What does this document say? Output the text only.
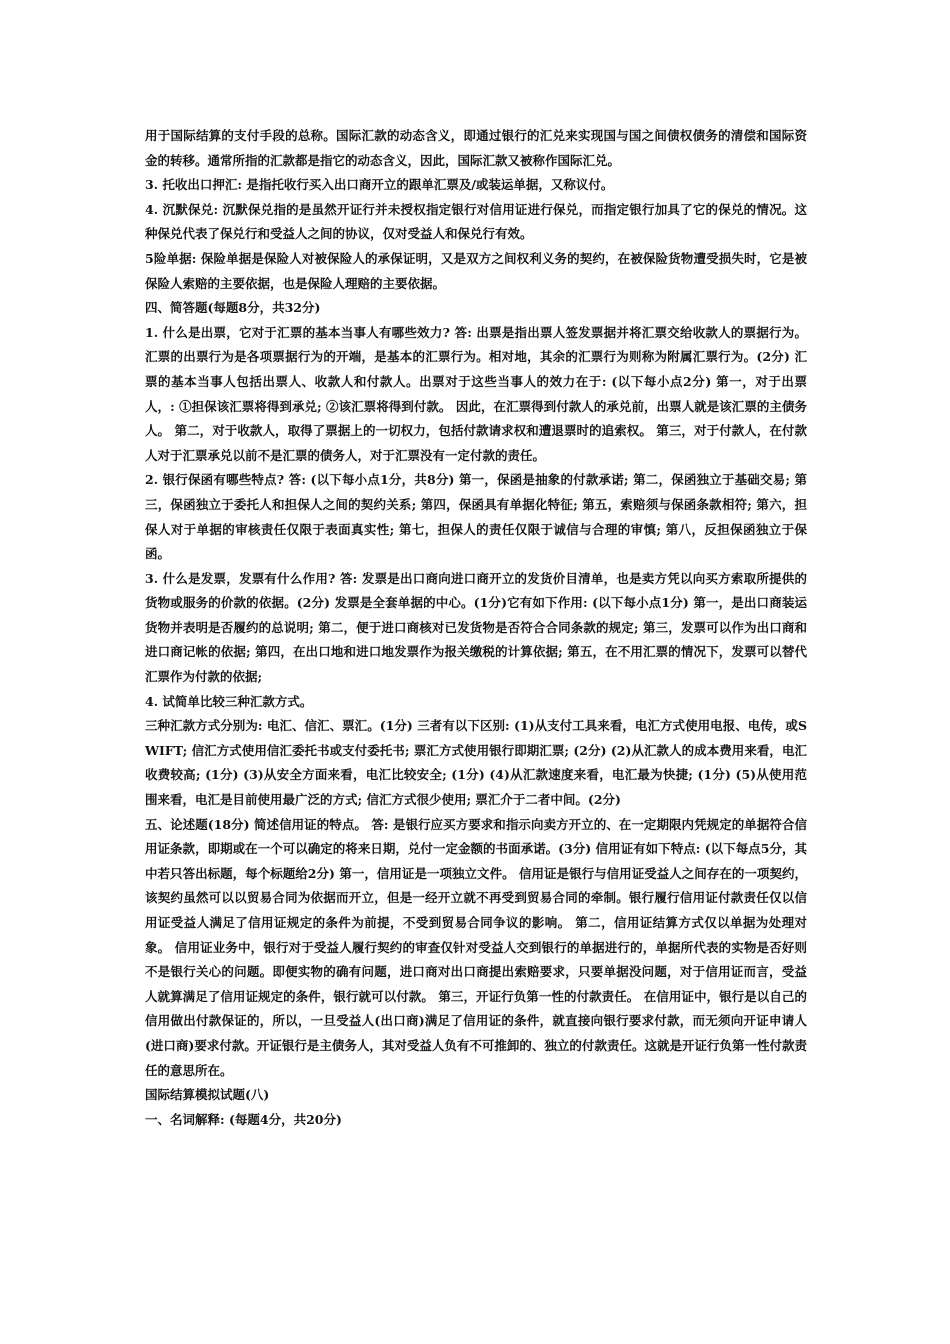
用于国际结算的支付手段的总称。国际汇款的动态含义，即通过银行的汇兑来实现国与国之间债权债务的清偿和国际资金的转移。通常所指的汇款都是指它的动态含义，因此，国际汇款又被称作国际汇兑。

3. 托收出口押汇: 是指托收行买入出口商开立的跟单汇票及/或装运单据，又称议付。

4. 沉默保兑: 沉默保兑指的是虽然开证行并未授权指定银行对信用证进行保兑，而指定银行加具了它的保兑的情况。这种保兑代表了保兑行和受益人之间的协议，仅对受益人和保兑行有效。

5险单据: 保险单据是保险人对被保险人的承保证明，又是双方之间权利义务的契约，在被保险货物遭受损失时，它是被保险人索赔的主要依据，也是保险人理赔的主要依据。

四、简答题(每题8分，共32分)

1. 什么是出票，它对于汇票的基本当事人有哪些效力? 答: 出票是指出票人签发票据并将汇票交给收款人的票据行为。汇票的出票行为是各项票据行为的开端，是基本的汇票行为。相对地，其余的汇票行为则称为附属汇票行为。(2分) 汇票的基本当事人包括出票人、收款人和付款人。出票对于这些当事人的效力在于: (以下每小点2分) 第一，对于出票人，: ①担保该汇票将得到承兑; ②该汇票将得到付款。 因此，在汇票得到付款人的承兑前，出票人就是该汇票的主债务人。 第二，对于收款人，取得了票据上的一切权力，包括付款请求权和遭退票时的追索权。 第三，对于付款人，在付款人对于汇票承兑以前不是汇票的债务人，对于汇票没有一定付款的责任。

2. 银行保函有哪些特点? 答: (以下每小点1分，共8分) 第一，保函是抽象的付款承诺; 第二，保函独立于基础交易; 第三，保函独立于委托人和担保人之间的契约关系; 第四，保函具有单据化特征; 第五，索赔须与保函条款相符; 第六，担保人对于单据的审核责任仅限于表面真实性; 第七，担保人的责任仅限于诚信与合理的审慎; 第八，反担保函独立于保函。

3. 什么是发票，发票有什么作用? 答: 发票是出口商向进口商开立的发货价目清单，也是卖方凭以向买方索取所提供的货物或服务的价款的依据。(2分) 发票是全套单据的中心。(1分)它有如下作用: (以下每小点1分) 第一，是出口商装运货物并表明是否履约的总说明; 第二，便于进口商核对已发货物是否符合合同条款的规定; 第三，发票可以作为出口商和进口商记帐的依据; 第四，在出口地和进口地发票作为报关缴税的计算依据; 第五，在不用汇票的情况下，发票可以替代汇票作为付款的依据;

4. 试简单比较三种汇款方式。

三种汇款方式分别为: 电汇、信汇、票汇。(1分) 三者有以下区别: (1)从支付工具来看，电汇方式使用电报、电传，或SWIFT; 信汇方式使用信汇委托书或支付委托书; 票汇方式使用银行即期汇票; (2分) (2)从汇款人的成本费用来看，电汇收费较高; (1分) (3)从安全方面来看，电汇比较安全; (1分) (4)从汇款速度来看，电汇最为快捷; (1分) (5)从使用范围来看，电汇是目前使用最广泛的方式; 信汇方式很少使用; 票汇介于二者中间。(2分)

五、论述题(18分) 简述信用证的特点。 答: 是银行应买方要求和指示向卖方开立的、在一定期限内凭规定的单据符合信用证条款，即期或在一个可以确定的将来日期，兑付一定金额的书面承诺。(3分) 信用证有如下特点: (以下每点5分，其中若只答出标题，每个标题给2分) 第一，信用证是一项独立文件。 信用证是银行与信用证受益人之间存在的一项契约，该契约虽然可以以贸易合同为依据而开立，但是一经开立就不再受到贸易合同的牵制。银行履行信用证付款责任仅以信用证受益人满足了信用证规定的条件为前提，不受到贸易合同争议的影响。 第二，信用证结算方式仅以单据为处理对象。 信用证业务中，银行对于受益人履行契约的审查仅针对受益人交到银行的单据进行的，单据所代表的实物是否好则不是银行关心的问题。即便实物的确有问题，进口商对出口商提出索赔要求，只要单据没问题，对于信用证而言，受益人就算满足了信用证规定的条件，银行就可以付款。 第三，开证行负第一性的付款责任。 在信用证中，银行是以自己的信用做出付款保证的，所以，一旦受益人(出口商)满足了信用证的条件，就直接向银行要求付款，而无须向开证申请人(进口商)要求付款。开证银行是主债务人，其对受益人负有不可推卸的、独立的付款责任。这就是开证行负第一性付款责任的意思所在。

国际结算模拟试题(八)

一、名词解释: (每题4分，共20分)
